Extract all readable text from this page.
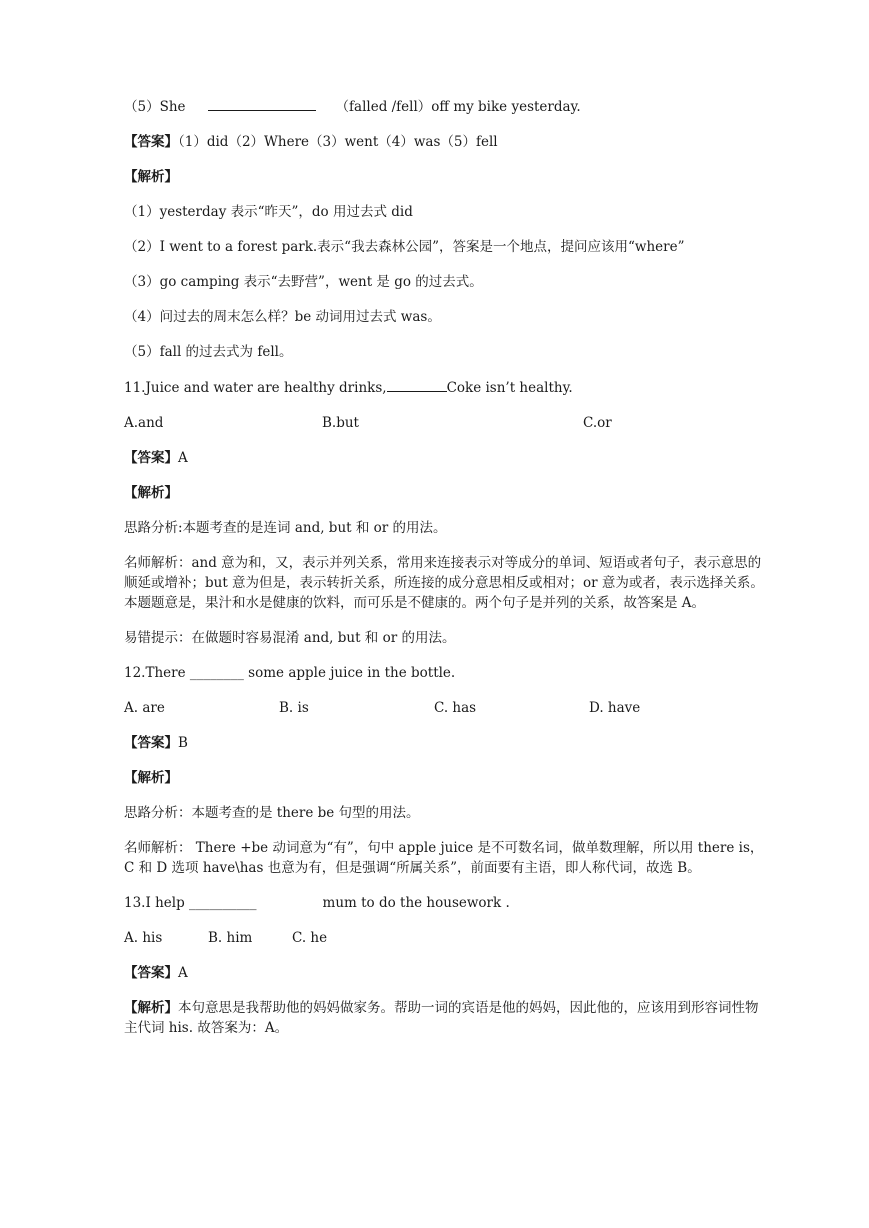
（5）She	（falled /fell）off my bike yesterday.
【答案】（1）did（2）Where（3）went（4）was（5）fell
【解析】
（1）yesterday 表示“昨天”，do 用过去式 did
（2）I went to a forest park.表示“我去森林公园”，答案是一个地点，提问应该用“where”
（3）go camping 表示“去野营”，went 是 go 的过去式。
（4）问过去的周末怎么样？be 动词用过去式 was。
（5）fall 的过去式为 fell。
11.Juice and water are healthy drinks,	Coke isn’t healthy.
A.and	B.but	C.or
【答案】A
【解析】
思路分析:本题考查的是连词 and, but 和 or 的用法。
名师解析：and 意为和，又，表示并列关系，常用来连接表示对等成分的单词、短语或者句子，表示意思的顺延或增补；but 意为但是，表示转折关系，所连接的成分意思相反或相对；or 意为或者，表示选择关系。本题题意是，果汁和水是健康的饮料，而可乐是不健康的。两个句子是并列的关系，故答案是 A。
易错提示：在做题时容易混淆 and, but 和 or 的用法。
12.There ________ some apple juice in the bottle.
A. are	B. is	C. has	D. have
【答案】B
【解析】
思路分析：本题考查的是 there be 句型的用法。
名师解析： There +be 动词意为“有”，句中 apple juice 是不可数名词，做单数理解，所以用 there is，C 和 D 选项 have\has 也意为有，但是强调“所属关系”，前面要有主语，即人称代词，故选 B。
13.I help __________	mum to do the housework .
A. his	B. him	C. he
【答案】A
【解析】本句意思是我帮助他的妈妈做家务。帮助一词的宾语是他的妈妈，因此他的，应该用到形容词性物主代词 his. 故答案为：A。
